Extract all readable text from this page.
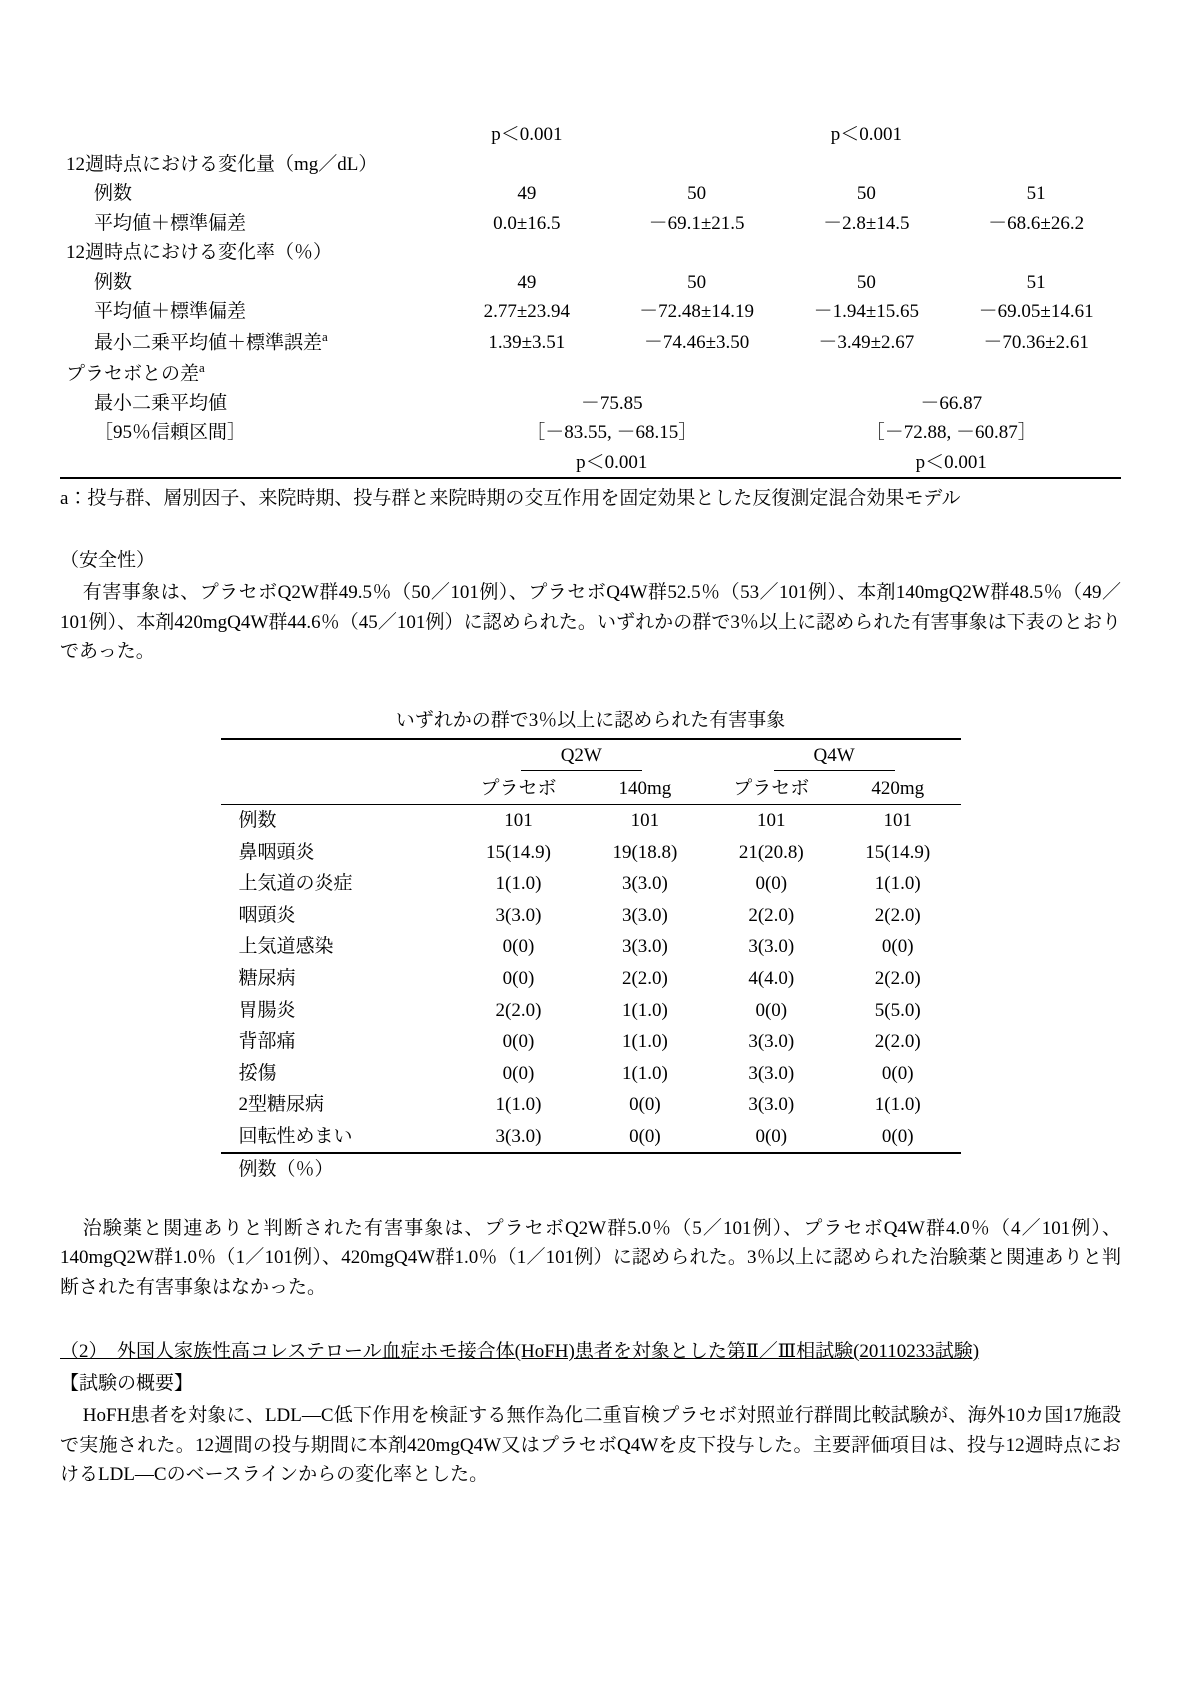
	p＜0.001		p＜0.001	
12週時点における変化量（mg／dL）				
例数	49	50	50	51
平均値＋標準偏差	0.0±16.5	－69.1±21.5	－2.8±14.5	－68.6±26.2
12週時点における変化率（％）				
例数	49	50	50	51
平均値＋標準偏差	2.77±23.94	－72.48±14.19	－1.94±15.65	－69.05±14.61
最小二乗平均値＋標準誤差$^a$	1.39±3.51	－74.46±3.50	－3.49±2.67	－70.36±2.61
プラセボとの差$^a$				
最小二乗平均値	－75.85		－66.87	
［95％信頼区間］	［－83.55, －68.15］		［－72.88, －60.87］	
	p＜0.001		p＜0.001	
a：投与群、層別因子、来院時期、投与群と来院時期の交互作用を固定効果とした反復測定混合効果モデル
（安全性）

有害事象は、プラセボQ2W群49.5％（50／101例）、プラセボQ4W群52.5％（53／101例）、本剤140mgQ2W群48.5％（49／101例）、本剤420mgQ4W群44.6％（45／101例）に認められた。いずれかの群で3％以上に認められた有害事象は下表のとおりであった。

いずれかの群で3％以上に認められた有害事象
	Q2W		Q4W	
	プラセボ	140mg	プラセボ	420mg
例数	101	101	101	101
鼻咽頭炎	15(14.9)	19(18.8)	21(20.8)	15(14.9)
上気道の炎症	1(1.0)	3(3.0)	0(0)	1(1.0)
咽頭炎	3(3.0)	3(3.0)	2(2.0)	2(2.0)
上気道感染	0(0)	3(3.0)	3(3.0)	0(0)
糖尿病	0(0)	2(2.0)	4(4.0)	2(2.0)
胃腸炎	2(2.0)	1(1.0)	0(0)	5(5.0)
背部痛	0(0)	1(1.0)	3(3.0)	2(2.0)
挼傷	0(0)	1(1.0)	3(3.0)	0(0)
2型糖尿病	1(1.0)	0(0)	3(3.0)	1(1.0)
回転性めまい	3(3.0)	0(0)	0(0)	0(0)
例数（％）

治験薬と関連ありと判断された有害事象は、プラセボQ2W群5.0％（5／101例）、プラセボQ4W群4.0％（4／101例）、140mgQ2W群1.0％（1／101例）、420mgQ4W群1.0％（1／101例）に認められた。3％以上に認められた治験薬と関連ありと判断された有害事象はなかった。

（2）　外国人家族性高コレステロール血症ホモ接合体(HoFH)患者を対象とした第Ⅱ／Ⅲ相試験(20110233試験)
【試験の概要】

HoFH患者を対象に、LDL―C低下作用を検証する無作為化二重盲検プラセボ対照並行群間比較試験が、海外10カ国17施設で実施された。12週間の投与期間に本剤420mgQ4W又はプラセボQ4Wを皮下投与した。主要評価項目は、投与12週時点におけるLDL―Cのベースラインからの変化率とした。
